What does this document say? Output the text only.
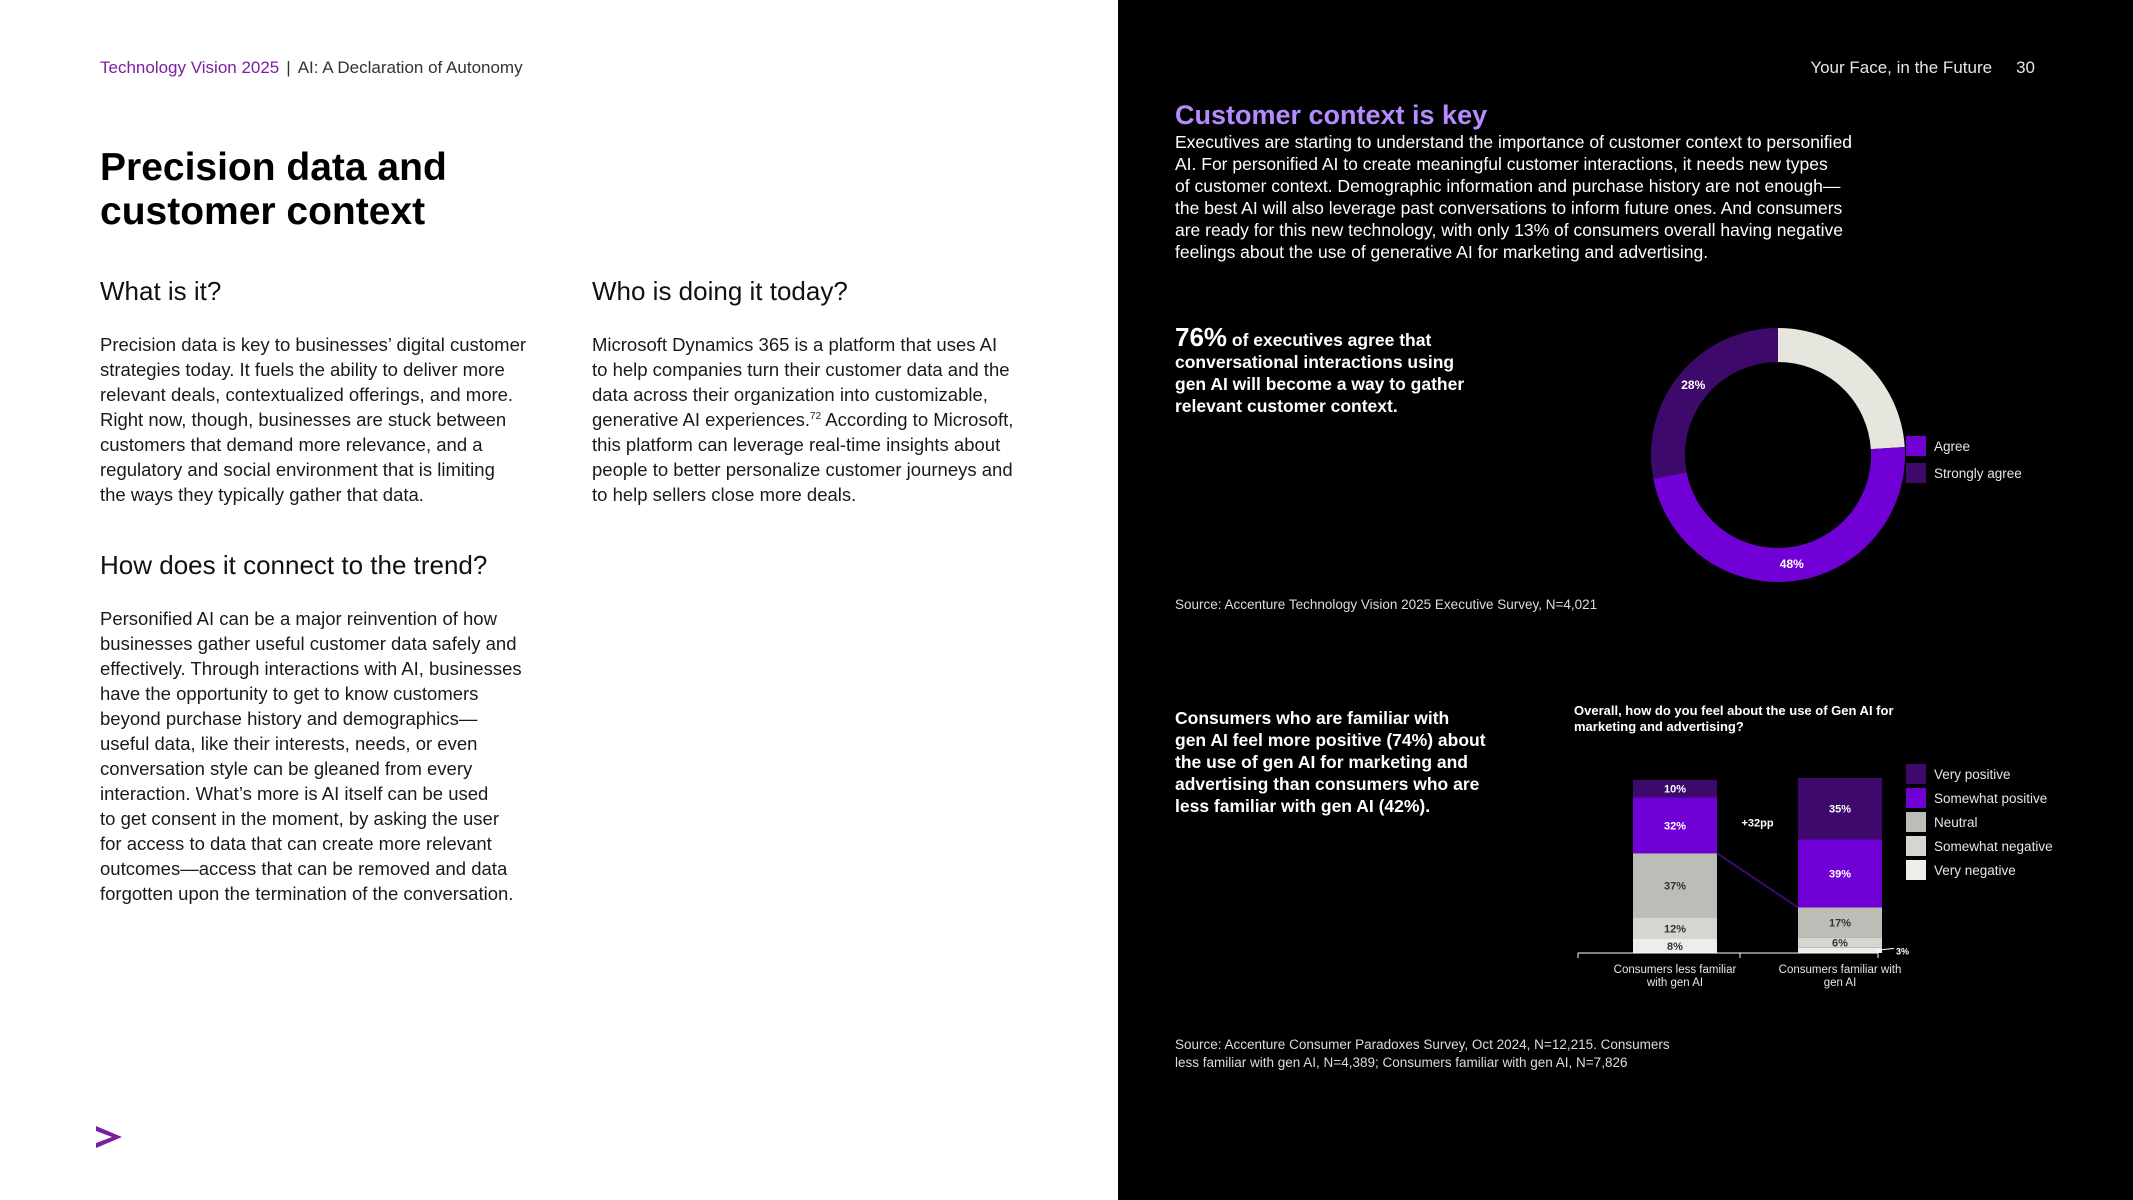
Technology Vision 2025 | AI: A Declaration of Autonomy
Precision data and
customer context
What is it?
Precision data is key to businesses’ digital customer
strategies today. It fuels the ability to deliver more
relevant deals, contextualized offerings, and more.
Right now, though, businesses are stuck between
customers that demand more relevance, and a
regulatory and social environment that is limiting
the ways they typically gather that data.
Who is doing it today?
Microsoft Dynamics 365 is a platform that uses AI
to help companies turn their customer data and the
data across their organization into customizable,
generative AI experiences.$^{72}$ According to Microsoft,
this platform can leverage real-time insights about
people to better personalize customer journeys and
to help sellers close more deals.
How does it connect to the trend?
Personified AI can be a major reinvention of how
businesses gather useful customer data safely and
effectively. Through interactions with AI, businesses
have the opportunity to get to know customers
beyond purchase history and demographics—
useful data, like their interests, needs, or even
conversation style can be gleaned from every
interaction. What’s more is AI itself can be used
to get consent in the moment, by asking the user
for access to data that can create more relevant
outcomes—access that can be removed and data
forgotten upon the termination of the conversation.
Your Face, in the Future 30
Customer context is key
Executives are starting to understand the importance of customer context to personified
AI. For personified AI to create meaningful customer interactions, it needs new types
of customer context. Demographic information and purchase history are not enough—
the best AI will also leverage past conversations to inform future ones. And consumers
are ready for this new technology, with only 13% of consumers overall having negative
feelings about the use of generative AI for marketing and advertising.
76% of executives agree that
conversational interactions using
gen AI will become a way to gather
relevant customer context.
48%
28%
Agree
Strongly agree
Source: Accenture Technology Vision 2025 Executive Survey, N=4,021
Consumers who are familiar with
gen AI feel more positive (74%) about
the use of gen AI for marketing and
advertising than consumers who are
less familiar with gen AI (42%).
Overall, how do you feel about the use of Gen AI for
marketing and advertising?
8%
12%
37%
32%
10%
Consumers less familiar
with gen AI
3%
6%
17%
39%
35%
Consumers familiar with
gen AI
+32pp
Very positive
Somewhat positive
Neutral
Somewhat negative
Very negative
Source: Accenture Consumer Paradoxes Survey, Oct 2024, N=12,215. Consumers
less familiar with gen AI, N=4,389; Consumers familiar with gen AI, N=7,826
